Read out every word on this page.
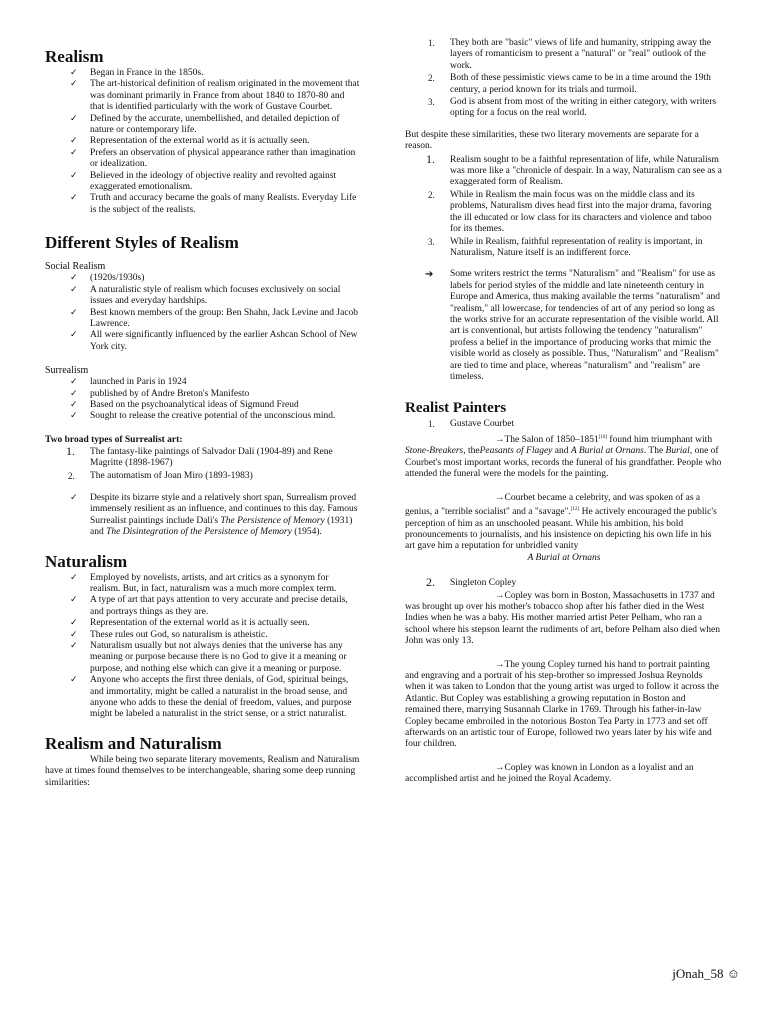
Realism
✓ Began in France in the 1850s.
✓ The art-historical definition of realism originated in the movement that was dominant primarily in France from about 1840 to 1870-80 and that is identified particularly with the work of Gustave Courbet.
✓ Defined by the accurate, unembellished, and detailed depiction of nature or contemporary life.
✓ Representation of the external world as it is actually seen.
✓ Prefers an observation of physical appearance rather than imagination or idealization.
✓ Believed in the ideology of objective reality and revolted against exaggerated emotionalism.
✓ Truth and accuracy became the goals of many Realists. Everyday Life is the subject of the realists.
Different Styles of Realism
Social Realism
✓ (1920s/1930s)
✓ A naturalistic style of realism which focuses exclusively on social issues and everyday hardships.
✓ Best known members of the group: Ben Shahn, Jack Levine and Jacob Lawrence.
✓ All were significantly influenced by the earlier Ashcan School of New York city.
Surrealism
✓ launched in Paris in 1924
✓ published by of Andre Breton's Manifesto
✓ Based on the psychoanalytical ideas of Sigmund Freud
✓ Sought to release the creative potential of the unconscious mind.
Two broad types of Surrealist art:
1. The fantasy-like paintings of Salvador Dali (1904-89) and Rene Magritte (1898-1967)
2. The automatism of Joan Miro (1893-1983)
✓ Despite its bizarre style and a relatively short span, Surrealism proved immensely resilient as an influence, and continues to this day. Famous Surrealist paintings include Dali's The Persistence of Memory (1931) and The Disintegration of the Persistence of Memory (1954).
Naturalism
✓ Employed by novelists, artists, and art critics as a synonym for realism. But, in fact, naturalism was a much more complex term.
✓ A type of art that pays attention to very accurate and precise details, and portrays things as they are.
✓ Representation of the external world as it is actually seen.
✓ These rules out God, so naturalism is atheistic.
✓ Naturalism usually but not always denies that the universe has any meaning or purpose because there is no God to give it a meaning or purpose, and nothing else which can give it a meaning or purpose.
✓ Anyone who accepts the first three denials, of God, spiritual beings, and immortality, might be called a naturalist in the broad sense, and anyone who adds to these the denial of freedom, values, and purpose might be labeled a naturalist in the strict sense, or a strict naturalist.
Realism and Naturalism

While being two separate literary movements, Realism and Naturalism have at times found themselves to be interchangeable, sharing some deep running similarities:

1. They both are "basic" views of life and humanity, stripping away the layers of romanticism to present a "natural" or "real" outlook of the work.
2. Both of these pessimistic views came to be in a time around the 19th century, a period known for its trials and turmoil.
3. God is absent from most of the writing in either category, with writers opting for a focus on the real world.

But despite these similarities, these two literary movements are separate for a reason.

1. Realism sought to be a faithful representation of life, while Naturalism was more like a "chronicle of despair. In a way, Naturalism can see as a exaggerated form of Realism.
2. While in Realism the main focus was on the middle class and its problems, Naturalism dives head first into the major drama, favoring the ill educated or low class for its characters and violence and taboo for its themes.
3. While in Realism, faithful representation of reality is important, in Naturalism, Nature itself is an indifferent force.
➔ Some writers restrict the terms "Naturalism" and "Realism" for use as labels for period styles of the middle and late nineteenth century in Europe and America, thus making available the terms "naturalism" and "realism," all lowercase, for tendencies of art of any period so long as the works strive for an accurate representation of the visible world. All art is conventional, but artists following the tendency "naturalism" profess a belief in the importance of producing works that mimic the visible world as closely as possible. Thus, "Naturalism" and "Realism" are tied to time and place, whereas "naturalism" and "realism" are timeless.
Realist Painters
1. Gustave Courbet

→The Salon of 1850–1851[10] found him triumphant with Stone-Breakers, thePeasants of Flagey and A Burial at Ornans. The Burial, one of Courbet's most important works, records the funeral of his grandfather. People who attended the funeral were the models for the painting.

→Courbet became a celebrity, and was spoken of as a genius, a "terrible socialist" and a "savage".[12] He actively encouraged the public's perception of him as an unschooled peasant. While his ambition, his bold pronouncements to journalists, and his insistence on depicting his own life in his art gave him a reputation for unbridled vanity

A Burial at Ornans

2. Singleton Copley

→Copley was born in Boston, Massachusetts in 1737 and was brought up over his mother's tobacco shop after his father died in the West Indies when he was a baby. His mother married artist Peter Pelham, who ran a school where his stepson learnt the rudiments of art, before Pelham also died when John was only 13.

→The young Copley turned his hand to portrait painting and engraving and a portrait of his step-brother so impressed Joshua Reynolds when it was taken to London that the young artist was urged to follow it across the Atlantic. But Copley was establishing a growing reputation in Boston and remained there, marrying Susannah Clarke in 1769. Through his father-in-law Copley became embroiled in the notorious Boston Tea Party in 1773 and set off afterwards on an artistic tour of Europe, followed two years later by his wife and four children.

→Copley was known in London as a loyalist and an accomplished artist and he joined the Royal Academy.

jOnah_58 ☺
